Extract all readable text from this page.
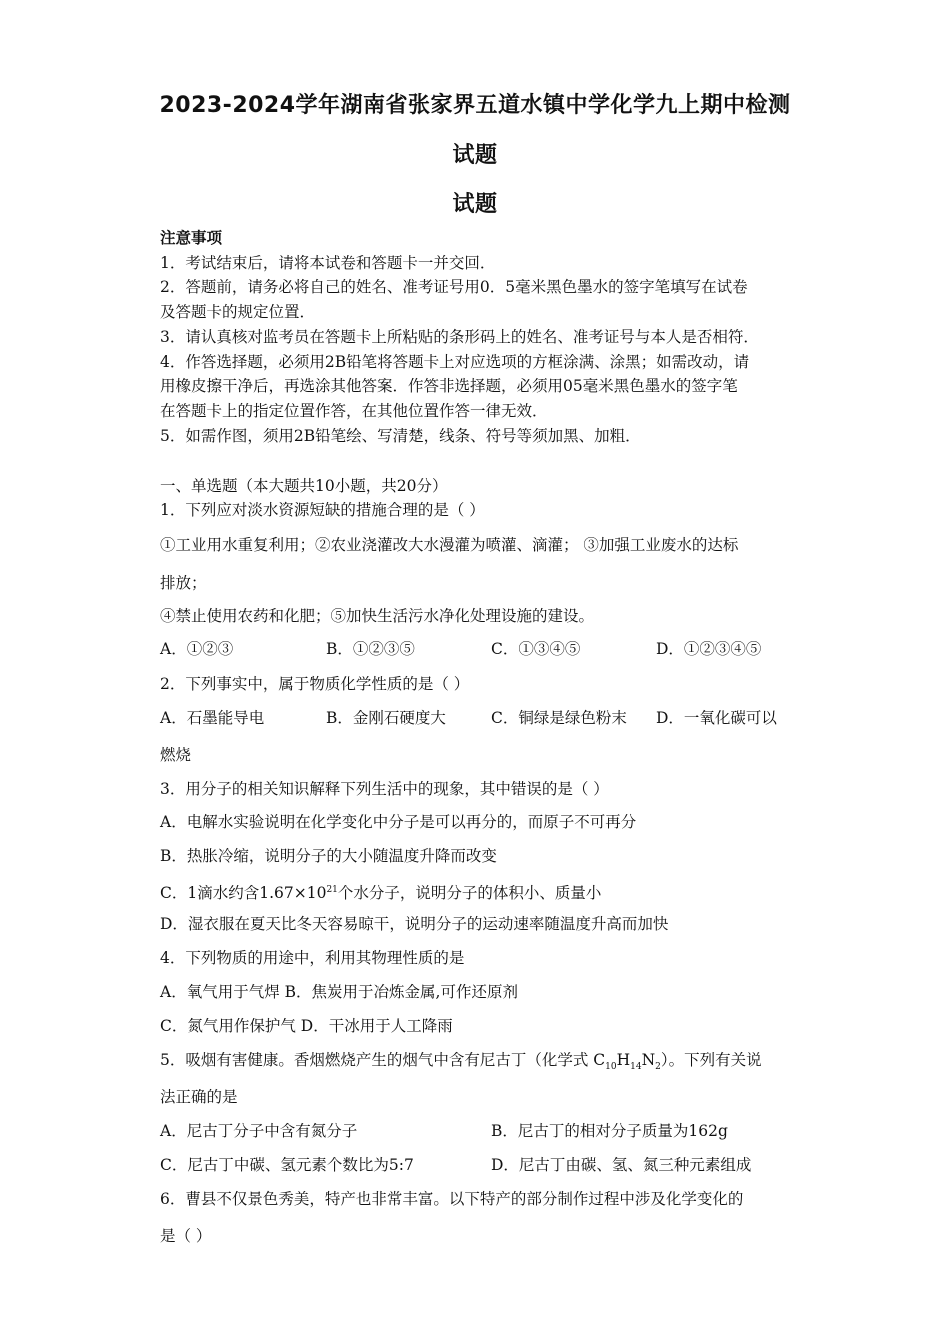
2023-2024学年湖南省张家界五道水镇中学化学九上期中检测
试题
试题
注意事项
1．考试结束后，请将本试卷和答题卡一并交回．
2．答题前，请务必将自己的姓名、准考证号用0．5毫米黑色墨水的签字笔填写在试卷
及答题卡的规定位置．
3．请认真核对监考员在答题卡上所粘贴的条形码上的姓名、准考证号与本人是否相符．
4．作答选择题，必须用2B铅笔将答题卡上对应选项的方框涂满、涂黑；如需改动，请
用橡皮擦干净后，再选涂其他答案．作答非选择题，必须用05毫米黑色墨水的签字笔
在答题卡上的指定位置作答，在其他位置作答一律无效．
5．如需作图，须用2B铅笔绘、写清楚，线条、符号等须加黑、加粗．
一、单选题（本大题共10小题，共20分）
1．下列应对淡水资源短缺的措施合理的是（ ）
①工业用水重复利用；②农业浇灌改大水漫灌为喷灌、滴灌； ③加强工业废水的达标
排放；
④禁止使用农药和化肥；⑤加快生活污水净化处理设施的建设。
A．①②③	B．①②③⑤	C．①③④⑤	D．①②③④⑤
2．下列事实中，属于物质化学性质的是（ ）
A．石墨能导电	B．金刚石硬度大	C．铜绿是绿色粉末 D．一氧化碳可以
燃烧
3．用分子的相关知识解释下列生活中的现象，其中错误的是（ ）
A．电解水实验说明在化学变化中分子是可以再分的，而原子不可再分
B．热胀冷缩，说明分子的大小随温度升降而改变
C．1滴水约含$1.67\times 10^{21}$个水分子，说明分子的体积小、质量小
D．湿衣服在夏天比冬天容易晾干，说明分子的运动速率随温度升高而加快
4．下列物质的用途中，利用其物理性质的是
A．氧气用于气焊 B．焦炭用于冶炼金属,可作还原剂
C．氮气用作保护气 D．干冰用于人工降雨
5．吸烟有害健康。香烟燃烧产生的烟气中含有尼古丁（化学式 $C_{10}H_{14}N_2$）。下列有关说
法正确的是
A．尼古丁分子中含有氮分子	B．尼古丁的相对分子质量为162g
C．尼古丁中碳、氢元素个数比为5:7	D．尼古丁由碳、氢、氮三种元素组成
6．曹县不仅景色秀美，特产也非常丰富。以下特产的部分制作过程中涉及化学变化的
是（ ）
